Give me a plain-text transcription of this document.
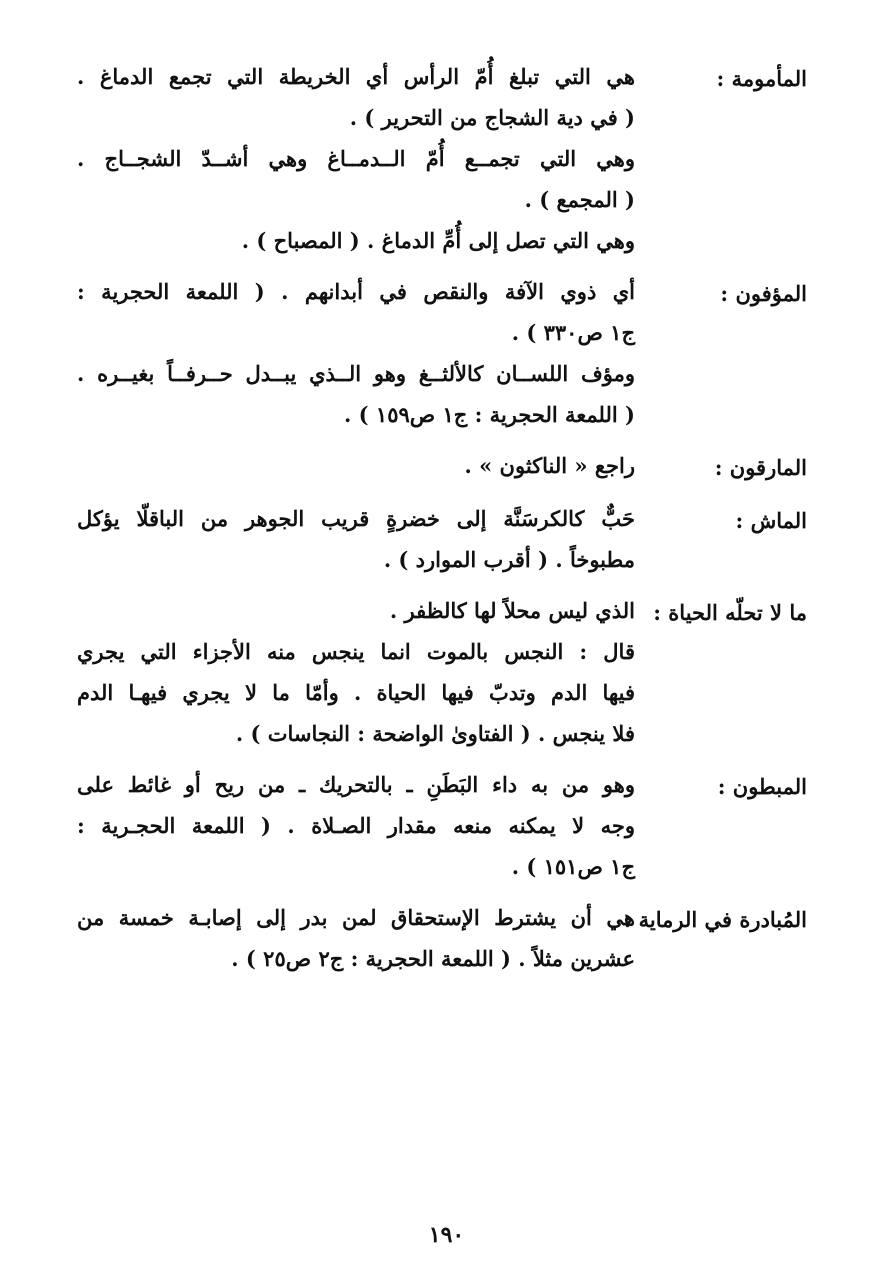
المأمومة :
هي التي تبلغ أُمّ الرأس أي الخريطة التي تجمع الدماغ .
( في دية الشجاج من التحرير ) .
وهي التي تجمــع أُمّ الــدمــاغ وهي أشــدّ الشجــاج .
( المجمع ) .
وهي التي تصل إلى أُمِّ الدماغ . ( المصباح ) .
المؤفون :
أي ذوي الآفة والنقص في أبدانهم . ( اللمعة الحجرية :
ج١ ص٣٣٠ ) .
ومؤف اللســان كالألثــغ وهو الــذي يبــدل حــرفــاً بغيــره .
( اللمعة الحجرية : ج١ ص١٥٩ ) .
المارقون :
راجع « الناكثون » .
الماش :
حَبٌّ كالكرسَنَّة إلى خضرةٍ قريب الجوهر من الباقلّا يؤكل
مطبوخاً . ( أقرب الموارد ) .
ما لا تحلّه الحياة :
الذي ليس محلاً لها كالظفر .
قال : النجس بالموت انما ينجس منه الأجزاء التي يجري
فيها الدم وتدبّ فيها الحياة . وأمّا ما لا يجري فيهـا الدم
فلا ينجس . ( الفتاوىٰ الواضحة : النجاسات ) .
المبطون :
وهو من به داء البَطَنِ ـ بالتحريك ـ من ريح أو غائط على
وجه لا يمكنه منعه مقدار الصـلاة . ( اللمعة الحجـرية :
ج١ ص١٥١ ) .
المُبادرة في الرماية :
هي أن يشترط الإستحقاق لمن بدر إلى إصابـة خمسة من
عشرين مثلاً . ( اللمعة الحجرية : ج٢ ص٢٥ ) .
١٩٠
